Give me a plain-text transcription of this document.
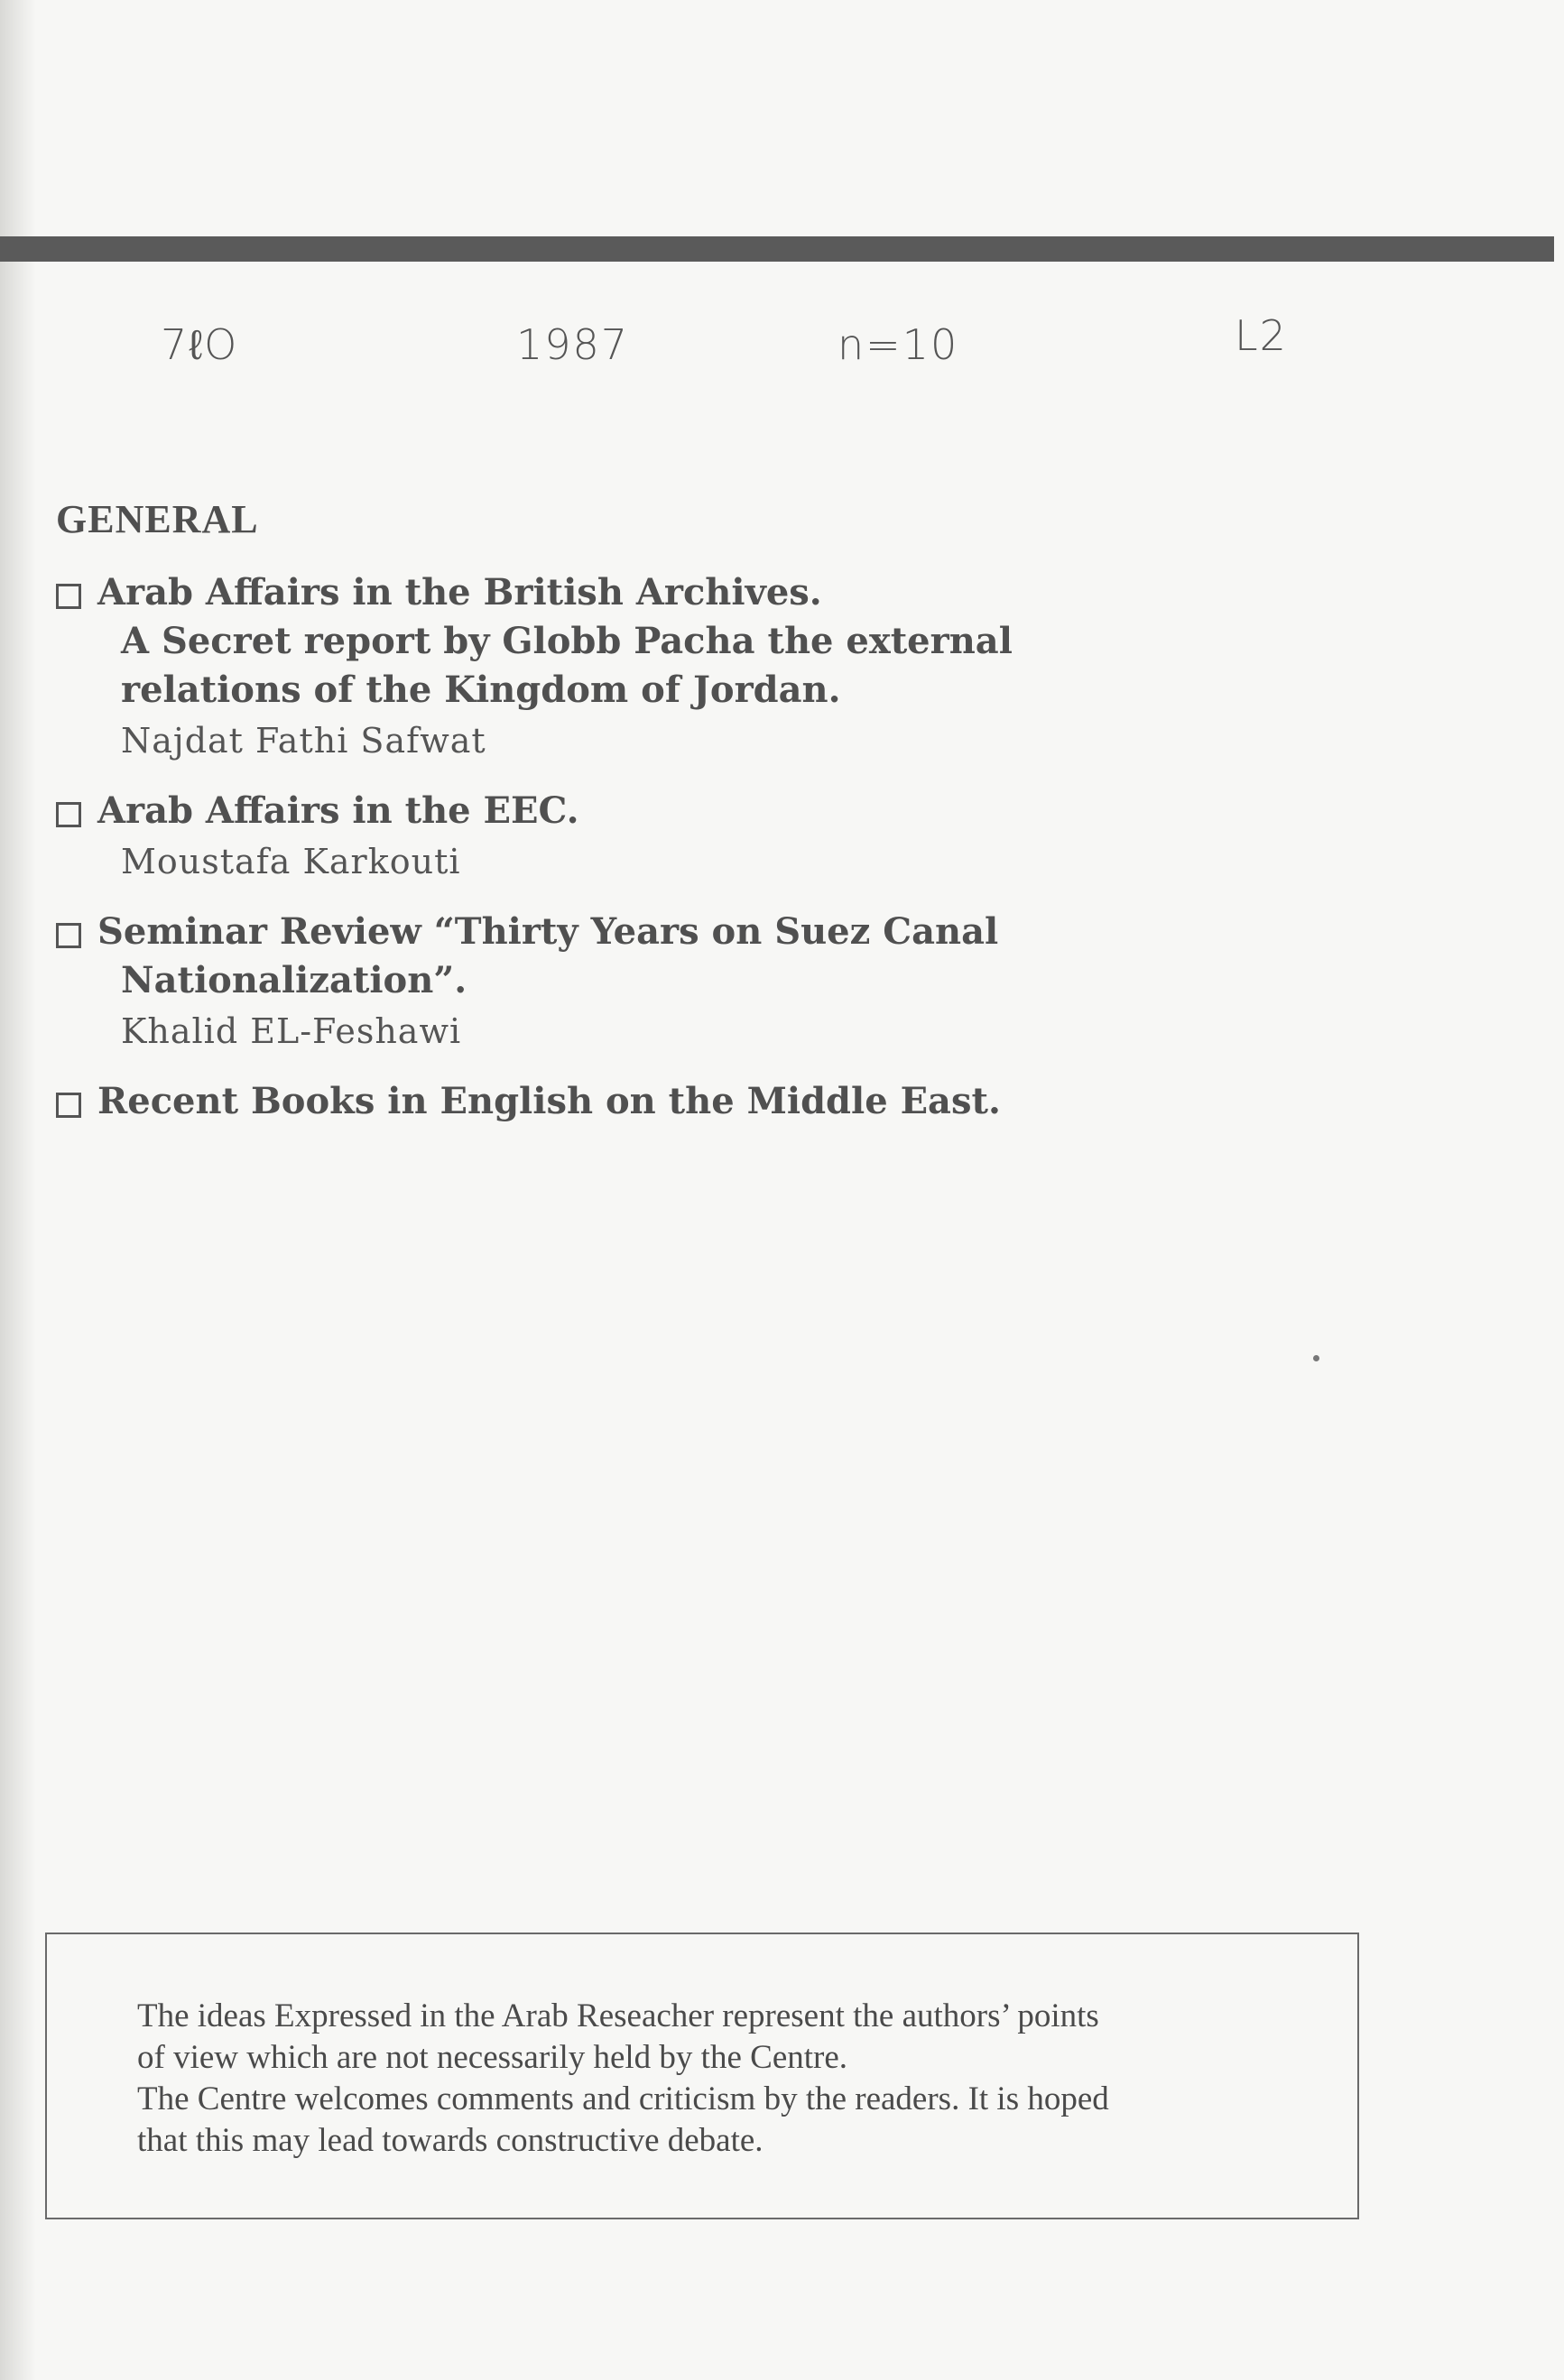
7ℓO	1987	n=10	L2
GENERAL

Arab Affairs in the British Archives.

A Secret report by Globb Pacha the external

relations of the Kingdom of Jordan.

Najdat Fathi Safwat

Arab Affairs in the EEC.

Moustafa Karkouti

Seminar Review “Thirty Years on Suez Canal

Nationalization”.

Khalid EL-Feshawi

Recent Books in English on the Middle East.

The ideas Expressed in the Arab Reseacher represent the authors’ points
of view which are not necessarily held by the Centre.
The Centre welcomes comments and criticism by the readers. It is hoped
that this may lead towards constructive debate.
